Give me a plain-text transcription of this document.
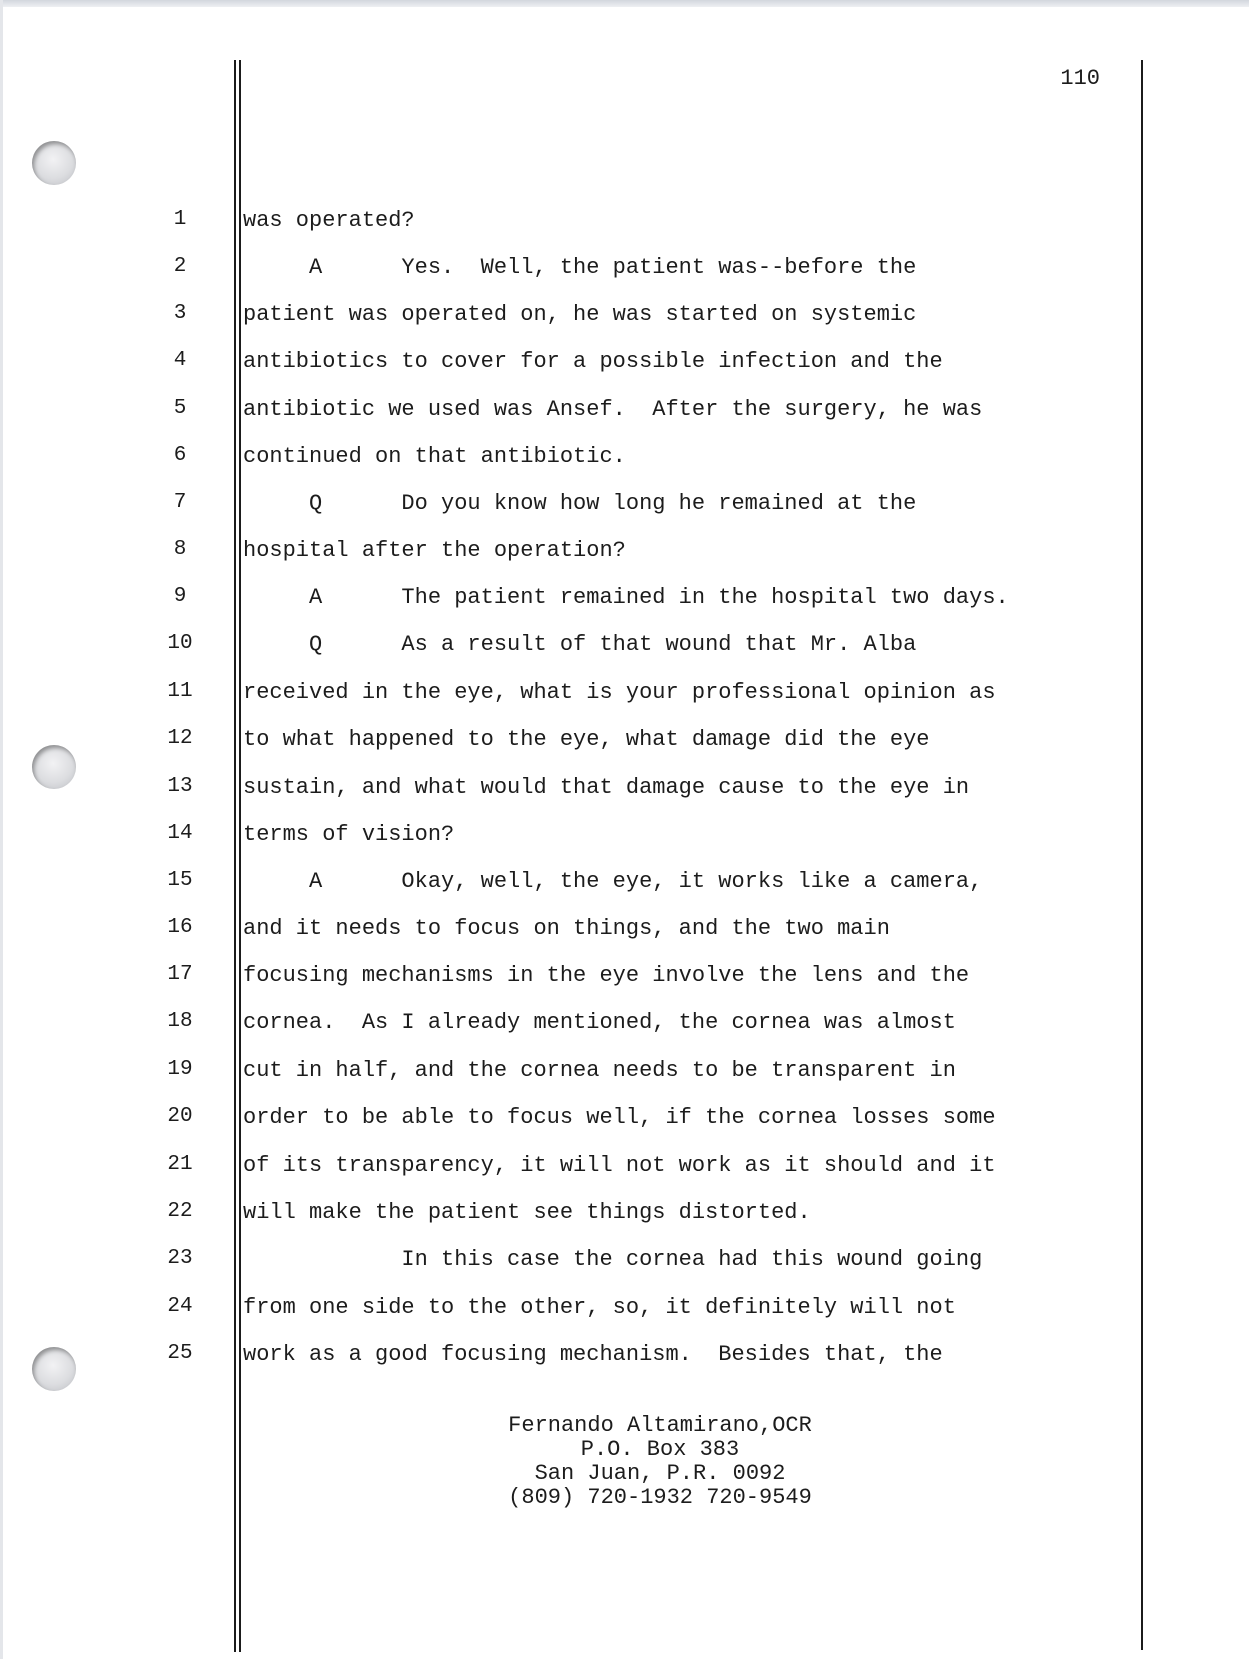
110
1	was operated?
2	A      Yes.  Well, the patient was--before the
3	patient was operated on, he was started on systemic
4	antibiotics to cover for a possible infection and the
5	antibiotic we used was Ansef.  After the surgery, he was
6	continued on that antibiotic.
7	Q      Do you know how long he remained at the
8	hospital after the operation?
9	A      The patient remained in the hospital two days.
10	Q      As a result of that wound that Mr. Alba
11	received in the eye, what is your professional opinion as
12	to what happened to the eye, what damage did the eye
13	sustain, and what would that damage cause to the eye in
14	terms of vision?
15	A      Okay, well, the eye, it works like a camera,
16	and it needs to focus on things, and the two main
17	focusing mechanisms in the eye involve the lens and the
18	cornea.  As I already mentioned, the cornea was almost
19	cut in half, and the cornea needs to be transparent in
20	order to be able to focus well, if the cornea losses some
21	of its transparency, it will not work as it should and it
22	will make the patient see things distorted.
23	In this case the cornea had this wound going
24	from one side to the other, so, it definitely will not
25	work as a good focusing mechanism.  Besides that, the
Fernando Altamirano,OCR
P.O. Box 383
San Juan, P.R. 0092
(809) 720-1932 720-9549
